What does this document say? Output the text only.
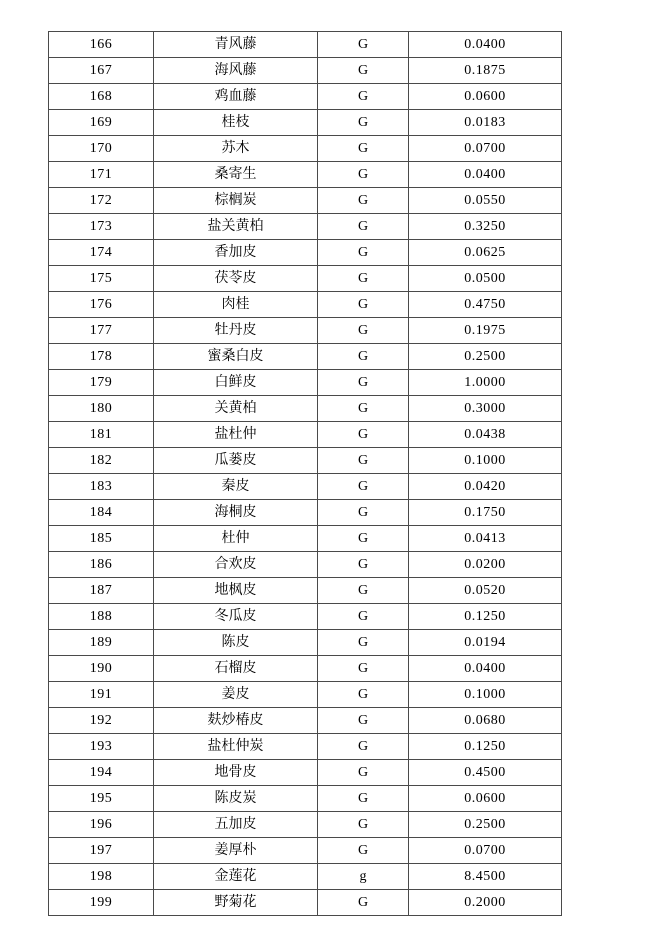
166	青风藤	G	0.0400
167	海风藤	G	0.1875
168	鸡血藤	G	0.0600
169	桂枝	G	0.0183
170	苏木	G	0.0700
171	桑寄生	G	0.0400
172	棕榈炭	G	0.0550
173	盐关黄柏	G	0.3250
174	香加皮	G	0.0625
175	茯苓皮	G	0.0500
176	肉桂	G	0.4750
177	牡丹皮	G	0.1975
178	蜜桑白皮	G	0.2500
179	白鲜皮	G	1.0000
180	关黄柏	G	0.3000
181	盐杜仲	G	0.0438
182	瓜蒌皮	G	0.1000
183	秦皮	G	0.0420
184	海桐皮	G	0.1750
185	杜仲	G	0.0413
186	合欢皮	G	0.0200
187	地枫皮	G	0.0520
188	冬瓜皮	G	0.1250
189	陈皮	G	0.0194
190	石榴皮	G	0.0400
191	姜皮	G	0.1000
192	麸炒椿皮	G	0.0680
193	盐杜仲炭	G	0.1250
194	地骨皮	G	0.4500
195	陈皮炭	G	0.0600
196	五加皮	G	0.2500
197	姜厚朴	G	0.0700
198	金莲花	g	8.4500
199	野菊花	G	0.2000
